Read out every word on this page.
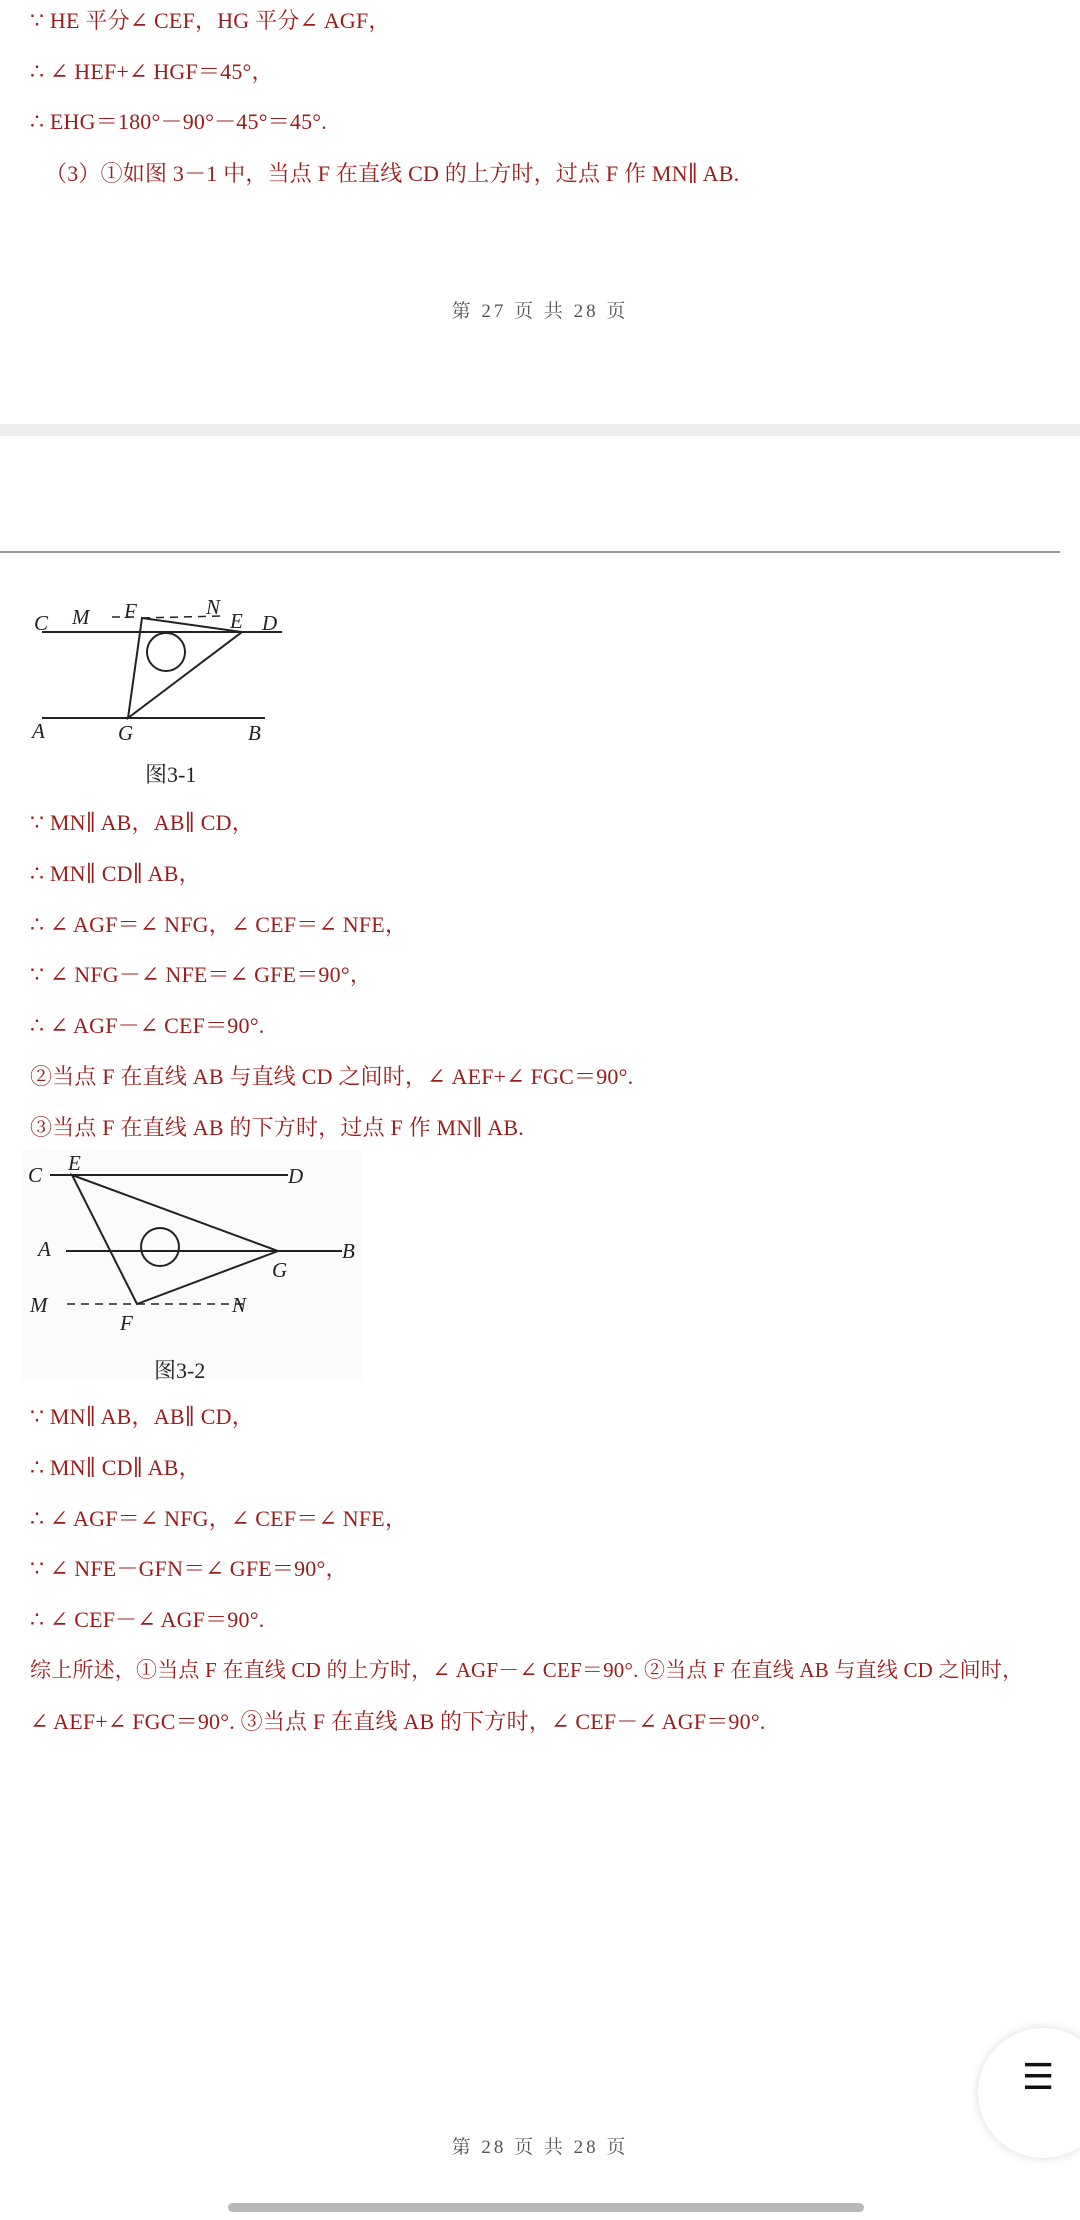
∵ HE 平分∠ CEF，HG 平分∠ AGF，
∴ ∠ HEF+∠ HGF＝45°，
∴ EHG＝180°－90°－45°＝45°.
（3）①如图 3－1 中，当点 F 在直线 CD 的上方时，过点 F 作 MN∥ AB.
第 27 页 共 28 页
C M F	N
E D
A	G	B
图3-1
∵ MN∥ AB，AB∥ CD，
∴ MN∥ CD∥ AB，
∴ ∠ AGF＝∠ NFG，∠ CEF＝∠ NFE，
∵ ∠ NFG－∠ NFE＝∠ GFE＝90°，
∴ ∠ AGF－∠ CEF＝90°.
②当点 F 在直线 AB 与直线 CD 之间时，∠ AEF+∠ FGC＝90°.
③当点 F 在直线 AB 的下方时，过点 F 作 MN∥ AB.
C E
D
A	B
G
M
F
N
图3-2
∵ MN∥ AB，AB∥ CD，
∴ MN∥ CD∥ AB，
∴ ∠ AGF＝∠ NFG，∠ CEF＝∠ NFE，
∵ ∠ NFE－GFN＝∠ GFE＝90°，
∴ ∠ CEF－∠ AGF＝90°.
综上所述，①当点 F 在直线 CD 的上方时，∠ AGF－∠ CEF＝90°. ②当点 F 在直线 AB 与直线 CD 之间时，
∠ AEF+∠ FGC＝90°. ③当点 F 在直线 AB 的下方时，∠ CEF－∠ AGF＝90°.
☰
第 28 页 共 28 页
